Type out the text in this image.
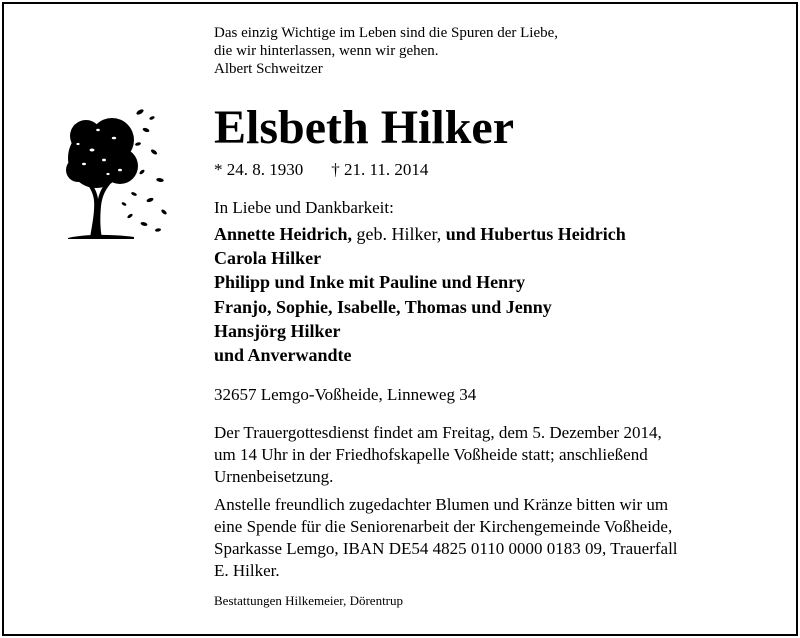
Das einzig Wichtige im Leben sind die Spuren der Liebe,
die wir hinterlassen, wenn wir gehen.
Albert Schweitzer
Elsbeth Hilker
* 24. 8. 1930 † 21. 11. 2014
In Liebe und Dankbarkeit:
Annette Heidrich, geb. Hilker, und Hubertus Heidrich
Carola Hilker
Philipp und Inke mit Pauline und Henry
Franjo, Sophie, Isabelle, Thomas und Jenny
Hansjörg Hilker
und Anverwandte
32657 Lemgo-Voßheide, Linneweg 34
Der Trauergottesdienst findet am Freitag, dem 5. Dezember 2014,
um 14 Uhr in der Friedhofskapelle Voßheide statt; anschließend
Urnenbeisetzung.
Anstelle freundlich zugedachter Blumen und Kränze bitten wir um
eine Spende für die Seniorenarbeit der Kirchengemeinde Voßheide,
Sparkasse Lemgo, IBAN DE54 4825 0110 0000 0183 09, Trauerfall
E. Hilker.
Bestattungen Hilkemeier, Dörentrup
